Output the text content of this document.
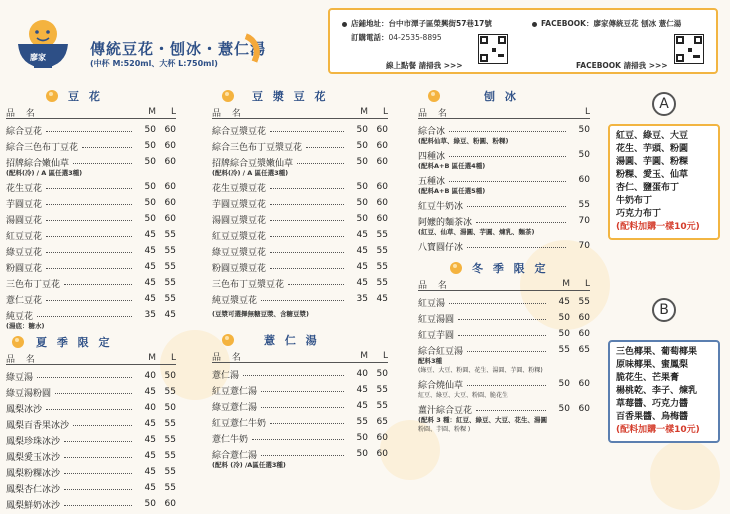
廖家	傳統豆花・刨冰・薏仁湯
(中杯 M:520ml、大杯 L:750ml)
店鋪地址：台中市潭子區榮興街57巷17號
訂購電話：04-2535-8895
線上點餐 請掃我 >>>
FACEBOOK：廖家傳統豆花 刨冰 薏仁湯
FACEBOOK 請掃我 >>>
豆 花
品 名	M	L
綜合豆花	50 60
綜合三色布丁豆花	50 60
招牌綜合嫩仙草	50 60
(配料(冷) / A 區任選3種)
花生豆花	50 60
芋圓豆花	50 60
湯圓豆花	50 60
紅豆豆花	45 55
綠豆豆花	45 55
粉圓豆花	45 55
三色布丁豆花	45 55
薏仁豆花	45 55
純豆花	35 45
(湯底：糖水)
夏 季 限 定
品 名	M	L
綠豆湯	40 50
綠豆湯粉圓	45 55
鳳梨冰沙	40 50
鳳梨百香果冰沙	45 55
鳳梨珍珠冰沙	45 55
鳳梨愛玉冰沙	45 55
鳳梨粉粿冰沙	45 55
鳳梨杏仁冰沙	45 55
鳳梨鮮奶冰沙	50 60
豆 漿 豆 花
品 名	M	L
綜合豆漿豆花	50 60
綜合三色布丁豆漿豆花	50 60
招牌綜合豆漿嫩仙草	50 60
(配料(冷) / A 區任選3種)
花生豆漿豆花	50 60
芋圓豆漿豆花	50 60
湯圓豆漿豆花	50 60
紅豆豆漿豆花	45 55
綠豆豆漿豆花	45 55
粉圓豆漿豆花	45 55
三色布丁豆漿豆花	45 55
純豆漿豆花	35 45
(豆漿可選擇無糖豆漿、含糖豆漿)
薏 仁 湯
品 名	M	L
薏仁湯	40 50
紅豆薏仁湯	45 55
綠豆薏仁湯	45 55
紅豆薏仁牛奶	55 65
薏仁牛奶	50 60
綜合薏仁湯	50 60
(配料 (冷) /A區任選3種)
刨 冰
品 名	L
綜合冰	50
(配料仙草、綠豆、粉圓、粉粿)
四種冰	50
(配料A+B 區任選4種)
五種冰	60
(配料A+B 區任選5種)
紅豆牛奶冰	55
阿嬤的麵茶冰	70
(紅豆、仙草、湯圓、芋圓、煉乳、麵茶)
八寶圓仔冰	70
冬 季 限 定
品 名	M	L
紅豆湯	45 55
紅豆湯圓	50 60
紅豆芋圓	50 60
綜合紅豆湯	55 65
配料3種
(綠豆、大豆、粉圓、花生、湯圓、芋圓、粉粿)
綜合燒仙草	50 60
紅豆、綠豆、大豆、粉圓、脆花生
薑汁綜合豆花	50 60
(配料 3 種：紅豆、綠豆、大豆、花生、湯圓
粉圓、芋圓、粉粿 )
A
紅豆、綠豆、大豆
花生、芋頭、粉圓
湯圓、芋圓、粉粿
粉粿、愛玉、仙草
杏仁、鹽蛋布丁
牛奶布丁
巧克力布丁
(配料加購一樣10元)
B
三色椰果、葡萄椰果
原味椰果、蜜鳳梨
脆花生、芒果膏
楊桃乾、李子、煉乳
草莓醬、巧克力醬
百香果醬、烏梅醬
(配料加購一樣10元)
